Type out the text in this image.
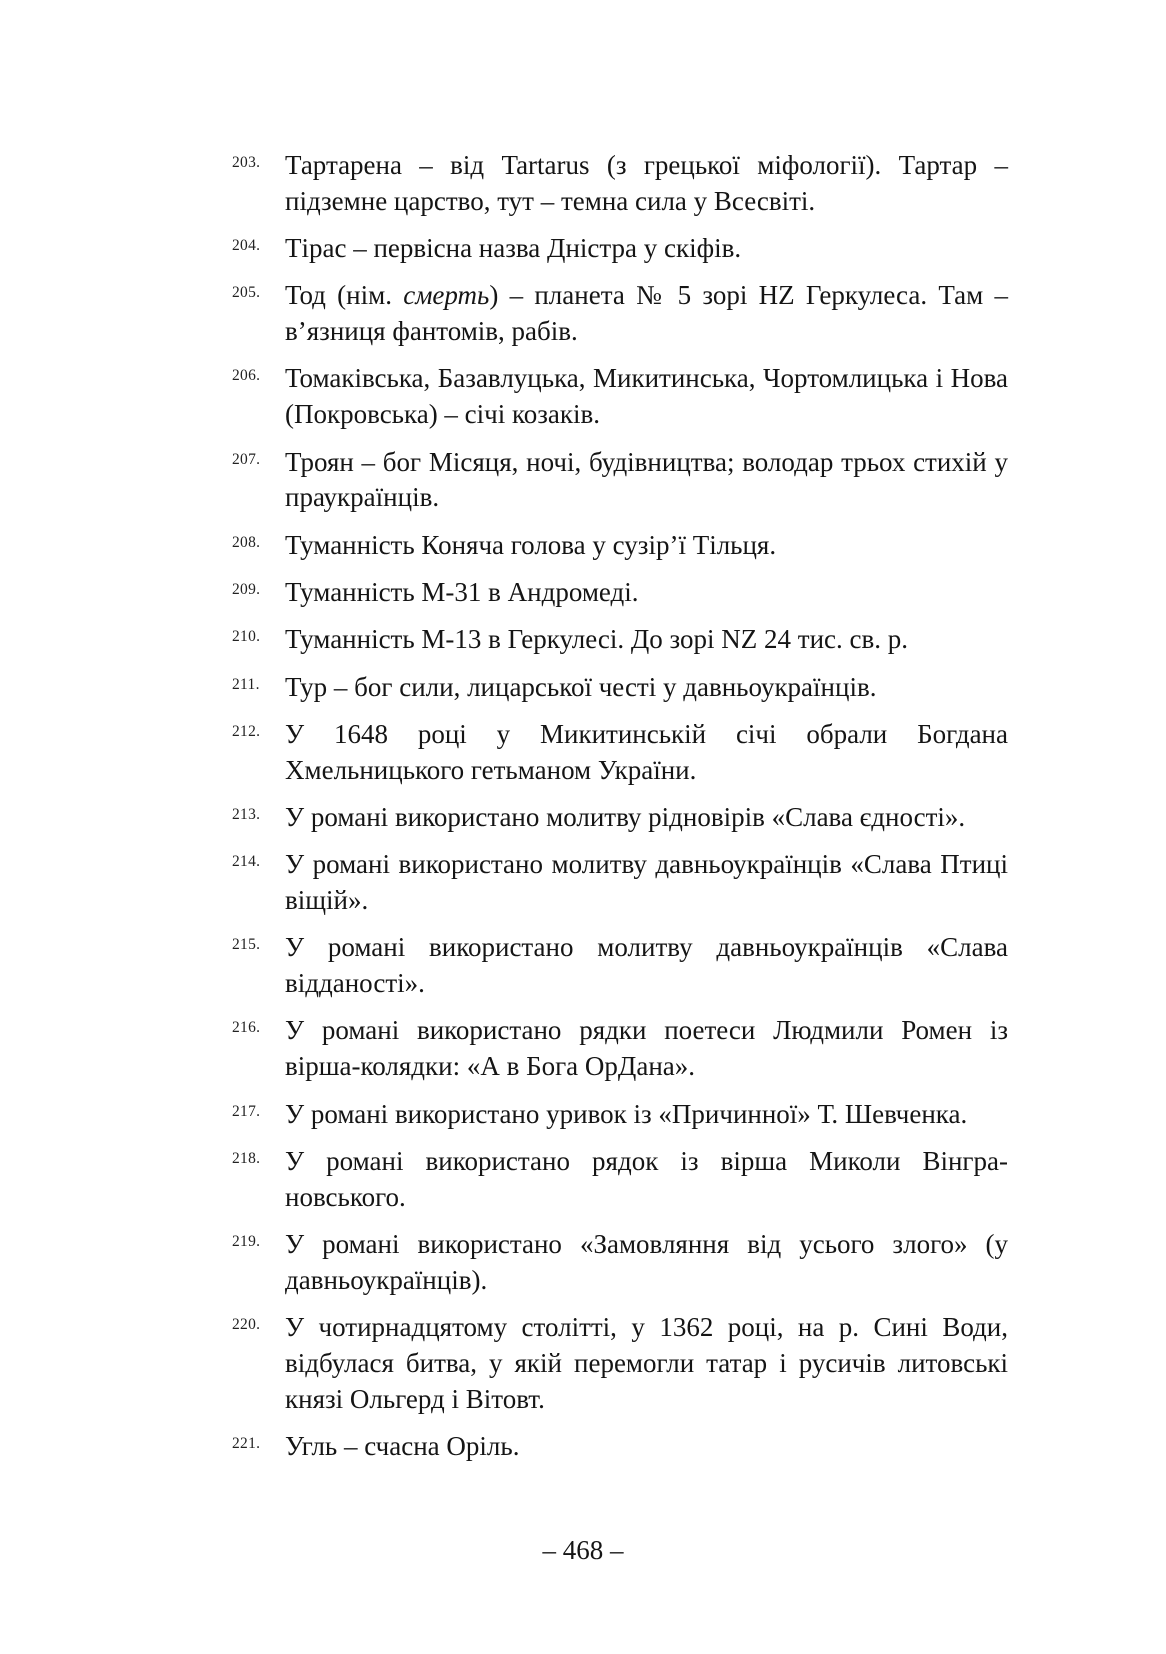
203. Тартарена – від Tartarus (з грецької міфології). Тартар – підземне царство, тут – темна сила у Всесвіті.
204. Тірас – первісна назва Дністра у скіфів.
205. Тод (нім. смерть) – планета № 5 зорі HZ Геркулеса. Там – в’язниця фантомів, рабів.
206. Томаківська, Базавлуцька, Микитинська, Чортомлицька і Нова (Покровська) – січі козаків.
207. Троян – бог Місяця, ночі, будівництва; володар трьох стихій у праукраїнців.
208. Туманність Коняча голова у сузір’ї Тільця.
209. Туманність М-31 в Андромеді.
210. Туманність М-13 в Геркулесі. До зорі NZ 24 тис. св. р.
211. Тур – бог сили, лицарської честі у давньоукраїнців.
212. У 1648 році у Микитинській січі обрали Богдана Хмельницького гетьманом України.
213. У романі використано молитву рідновірів «Слава єдності».
214. У романі використано молитву давньоукраїнців «Слава Птиці віщій».
215. У романі використано молитву давньоукраїнців «Слава відданості».
216. У романі використано рядки поетеси Людмили Ромен із вірша-колядки: «А в Бога ОрДана».
217. У романі використано уривок із «Причинної» Т. Шевченка.
218. У романі використано рядок із вірша Миколи Вінграновського.
219. У романі використано «Замовляння від усього злого» (у давньоукраїнців).
220. У чотирнадцятому столітті, у 1362 році, на р. Сині Води, відбулася битва, у якій перемогли татар і русичів литовські князі Ольгерд і Вітовт.
221. Угль – счасна Оріль.
– 468 –
